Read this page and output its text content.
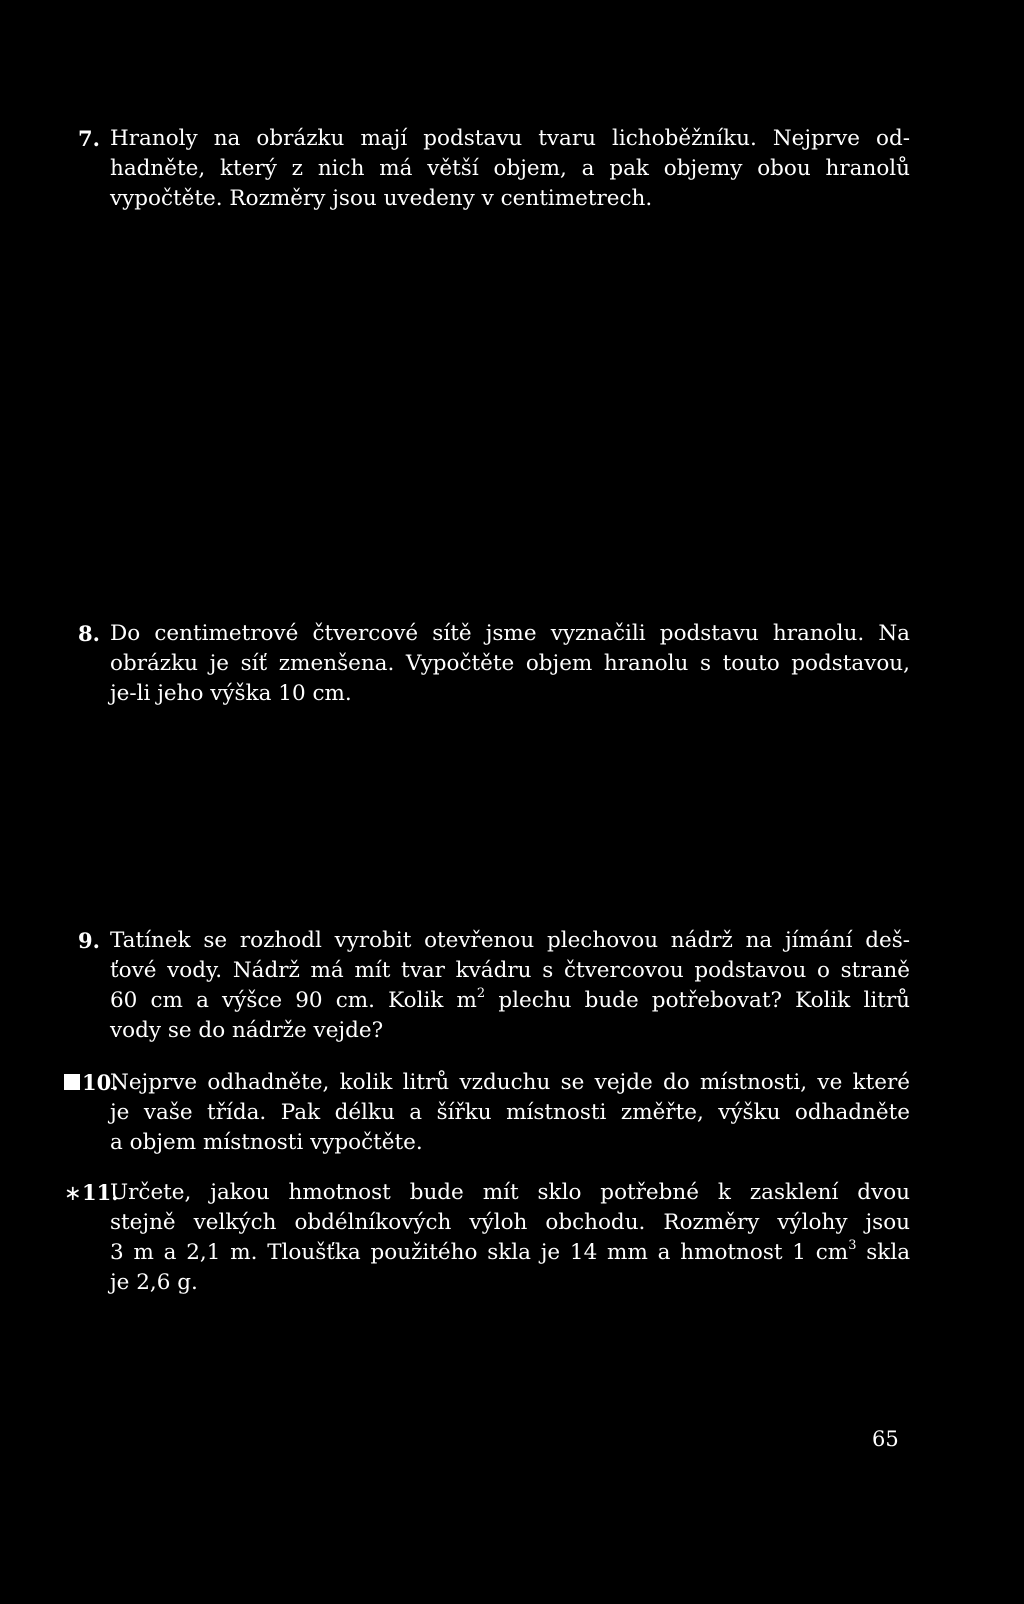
7. Hranoly na obrázku mají podstavu tvaru lichoběžníku. Nejprve od-
hadněte, který z nich má větší objem, a pak objemy obou hranolů
vypočtěte. Rozměry jsou uvedeny v centimetrech.
8. Do centimetrové čtvercové sítě jsme vyznačili podstavu hranolu. Na
obrázku je síť zmenšena. Vypočtěte objem hranolu s touto podstavou,
je-li jeho výška 10 cm.
9. Tatínek se rozhodl vyrobit otevřenou plechovou nádrž na jímání deš-
ťové vody. Nádrž má mít tvar kvádru s čtvercovou podstavou o straně
60 cm a výšce 90 cm. Kolik $m^2$ plechu bude potřebovat? Kolik litrů
vody se do nádrže vejde?
10.
Nejprve odhadněte, kolik litrů vzduchu se vejde do místnosti, ve které
je vaše třída. Pak délku a šířku místnosti změřte, výšku odhadněte
a objem místnosti vypočtěte.
∗ 11.
Určete, jakou hmotnost bude mít sklo potřebné k zasklení dvou
stejně velkých obdélníkových výloh obchodu. Rozměry výlohy jsou
3 m a 2,1 m. Tloušťka použitého skla je 14 mm a hmotnost 1 $cm^3$ skla
je 2,6 g.
65
